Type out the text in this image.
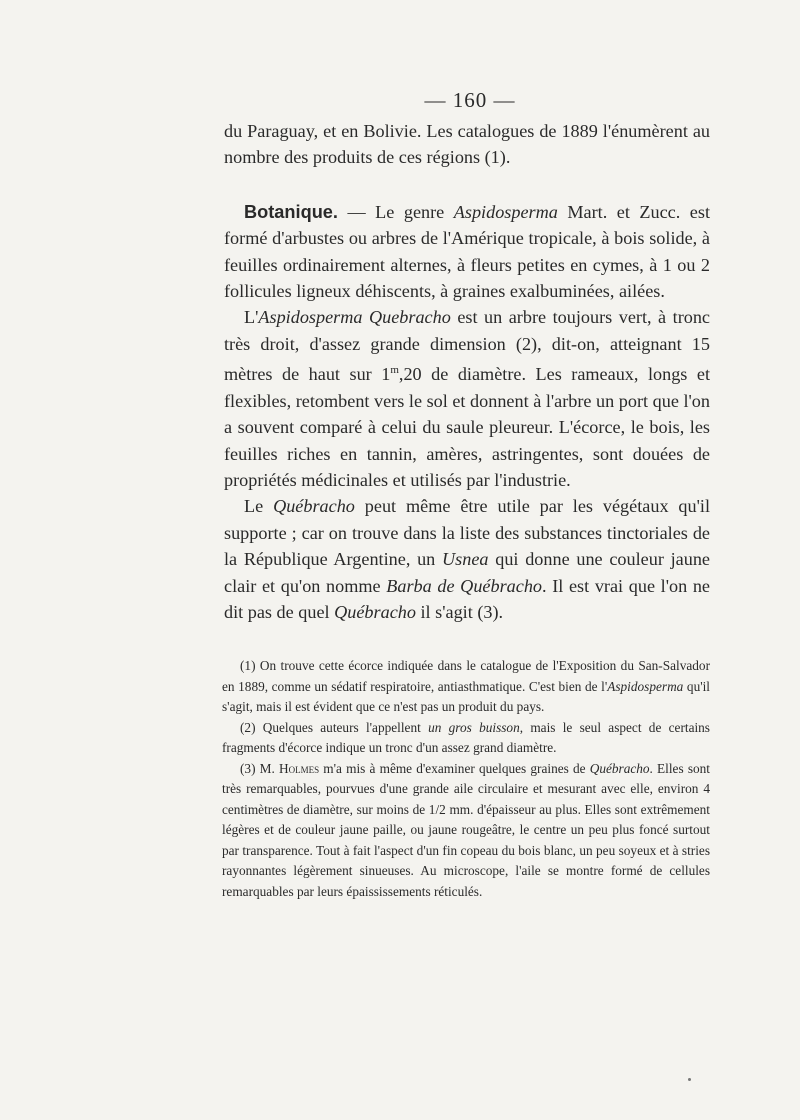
— 160 —

du Paraguay, et en Bolivie. Les catalogues de 1889 l'énumèrent au nombre des produits de ces régions (1).

Botanique. — Le genre Aspidosperma Mart. et Zucc. est formé d'arbustes ou arbres de l'Amérique tropicale, à bois solide, à feuilles ordinairement alternes, à fleurs petites en cymes, à 1 ou 2 follicules ligneux déhiscents, à graines exalbuminées, ailées.

L'Aspidosperma Quebracho est un arbre toujours vert, à tronc très droit, d'assez grande dimension (2), dit-on, atteignant 15 mètres de haut sur 1$^m$,20 de diamètre. Les rameaux, longs et flexibles, retombent vers le sol et donnent à l'arbre un port que l'on a souvent comparé à celui du saule pleureur. L'écorce, le bois, les feuilles riches en tannin, amères, astringentes, sont douées de propriétés médicinales et utilisés par l'industrie.

Le Québracho peut même être utile par les végétaux qu'il supporte ; car on trouve dans la liste des substances tinctoriales de la République Argentine, un Usnea qui donne une couleur jaune clair et qu'on nomme Barba de Québracho. Il est vrai que l'on ne dit pas de quel Québracho il s'agit (3).

(1) On trouve cette écorce indiquée dans le catalogue de l'Exposition du San-Salvador en 1889, comme un sédatif respiratoire, antiasthmatique. C'est bien de l'Aspidosperma qu'il s'agit, mais il est évident que ce n'est pas un produit du pays.

(2) Quelques auteurs l'appellent un gros buisson, mais le seul aspect de certains fragments d'écorce indique un tronc d'un assez grand diamètre.

(3) M. Holmes m'a mis à même d'examiner quelques graines de Québracho. Elles sont très remarquables, pourvues d'une grande aile circulaire et mesurant avec elle, environ 4 centimètres de diamètre, sur moins de 1/2 mm. d'épaisseur au plus. Elles sont extrêmement légères et de couleur jaune paille, ou jaune rougeâtre, le centre un peu plus foncé surtout par transparence. Tout à fait l'aspect d'un fin copeau du bois blanc, un peu soyeux et à stries rayonnantes légèrement sinueuses. Au microscope, l'aile se montre formé de cellules remarquables par leurs épaississements réticulés.
